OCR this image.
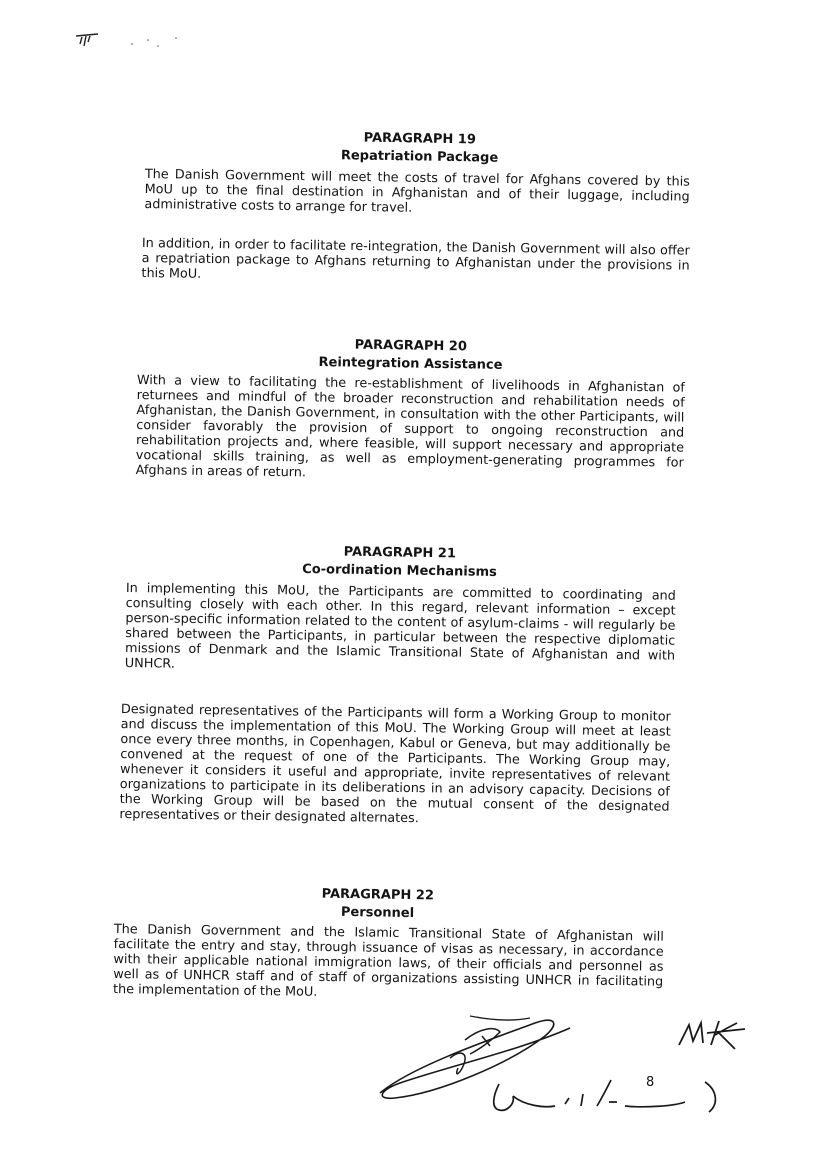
PARAGRAPH 19
Repatriation Package

The Danish Government will meet the costs of travel for Afghans covered by this MoU up to the final destination in Afghanistan and of their luggage, including administrative costs to arrange for travel.

In addition, in order to facilitate re-integration, the Danish Government will also offer a repatriation package to Afghans returning to Afghanistan under the provisions in this MoU.

PARAGRAPH 20
Reintegration Assistance

With a view to facilitating the re-establishment of livelihoods in Afghanistan of returnees and mindful of the broader reconstruction and rehabilitation needs of Afghanistan, the Danish Government, in consultation with the other Participants, will consider favorably the provision of support to ongoing reconstruction and rehabilitation projects and, where feasible, will support necessary and appropriate vocational skills training, as well as employment-generating programmes for Afghans in areas of return.

PARAGRAPH 21
Co-ordination Mechanisms

In implementing this MoU, the Participants are committed to coordinating and consulting closely with each other. In this regard, relevant information – except person-specific information related to the content of asylum-claims - will regularly be shared between the Participants, in particular between the respective diplomatic missions of Denmark and the Islamic Transitional State of Afghanistan and with UNHCR.

Designated representatives of the Participants will form a Working Group to monitor and discuss the implementation of this MoU. The Working Group will meet at least once every three months, in Copenhagen, Kabul or Geneva, but may additionally be convened at the request of one of the Participants. The Working Group may, whenever it considers it useful and appropriate, invite representatives of relevant organizations to participate in its deliberations in an advisory capacity. Decisions of the Working Group will be based on the mutual consent of the designated representatives or their designated alternates.

PARAGRAPH 22
Personnel

The Danish Government and the Islamic Transitional State of Afghanistan will facilitate the entry and stay, through issuance of visas as necessary, in accordance with their applicable national immigration laws, of their officials and personnel as well as of UNHCR staff and of staff of organizations assisting UNHCR in facilitating the implementation of the MoU.

MK
8
